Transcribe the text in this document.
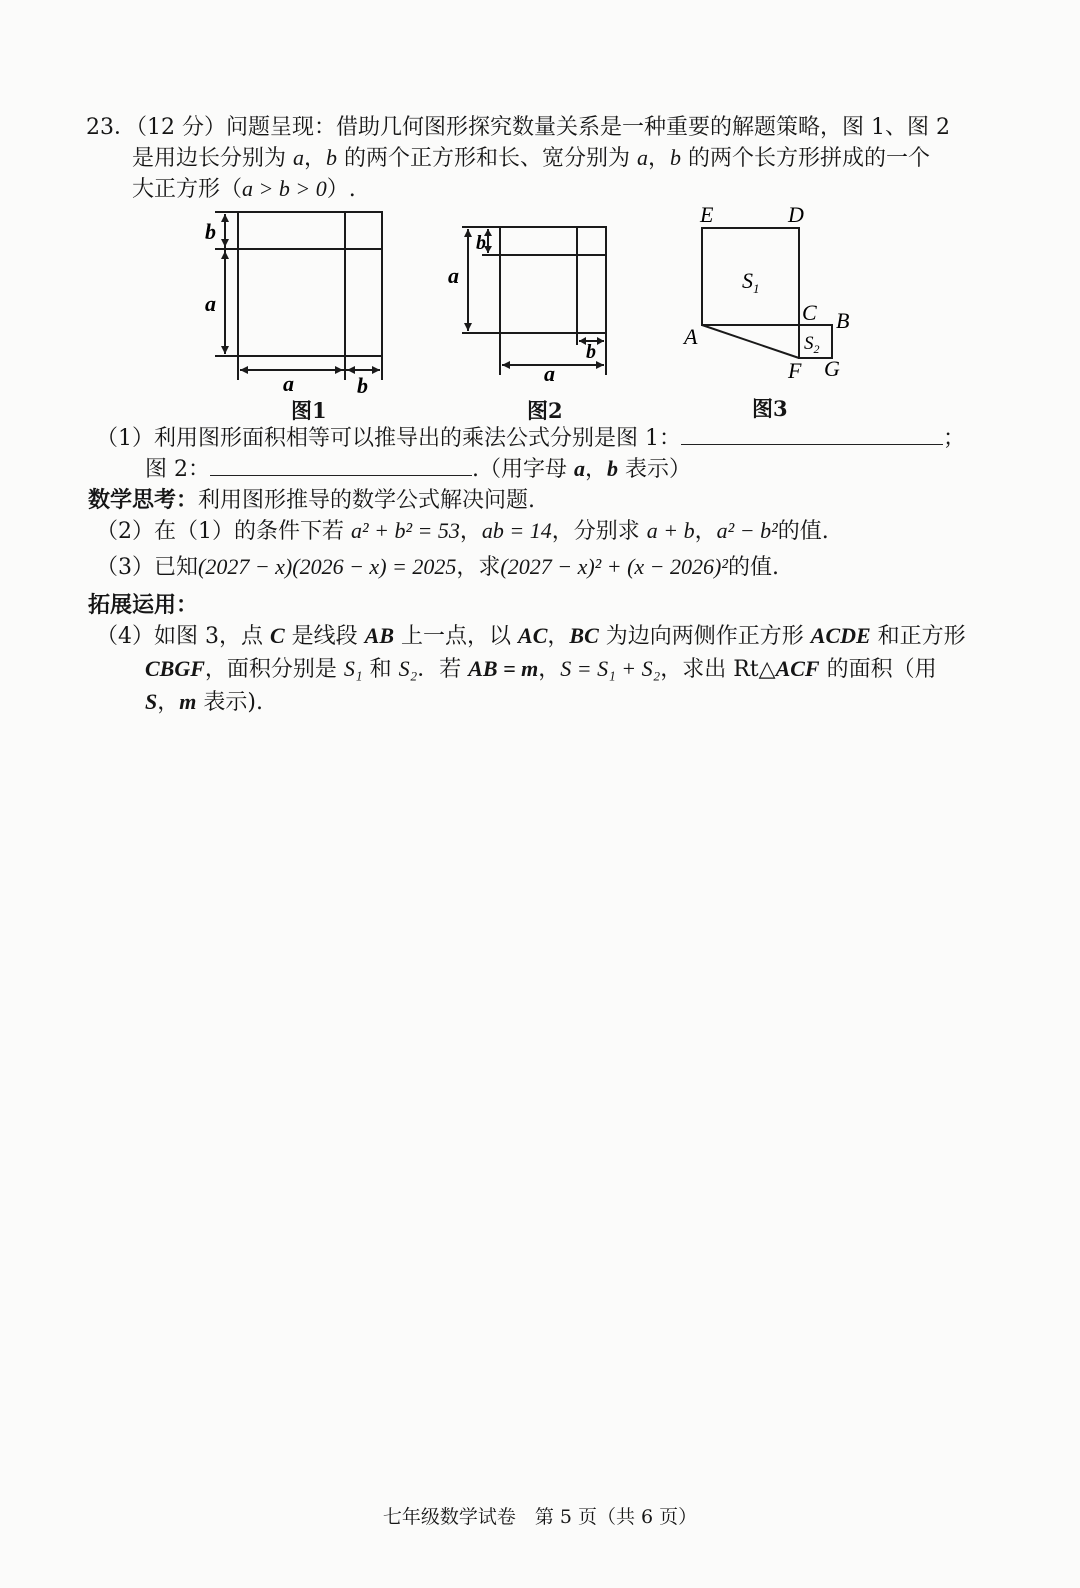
23．（12 分）问题呈现：借助几何图形探究数量关系是一种重要的解题策略，图 1、图 2
是用边长分别为 a，b 的两个正方形和长、宽分别为 a，b 的两个长方形拼成的一个
大正方形（a > b > 0）.
b
a
a	b
图1
b
a
a
b
图2
E	D
C B
A
F G
$S_1$
$S_2$
图3
（1）利用图形面积相等可以推导出的乘法公式分别是图 1：	；
图 2：	.（用字母 a，b 表示）
数学思考：利用图形推导的数学公式解决问题.
（2）在（1）的条件下若 a² + b² = 53，ab = 14，分别求 a + b，a² − b²的值.
（3）已知(2027 − x)(2026 − x) = 2025，求(2027 − x)² + (x − 2026)²的值.
拓展运用：
（4）如图 3，点 C 是线段 AB 上一点，以 AC，BC 为边向两侧作正方形 ACDE 和正方形
CBGF，面积分别是 S₁ 和 S₂．若 AB = m，S = S₁ + S₂，求出 Rt△ACF 的面积（用
S，m 表示).
七年级数学试卷　第 5 页（共 6 页）
